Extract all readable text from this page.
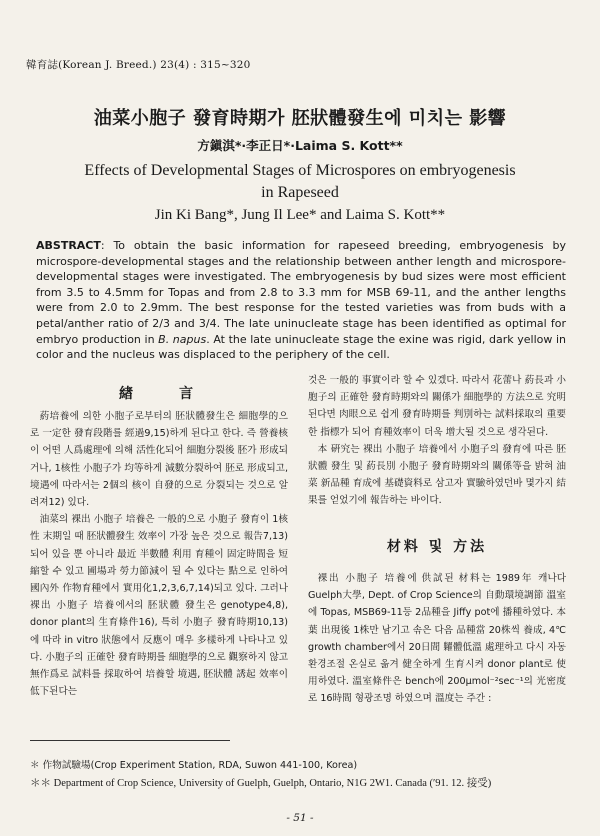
韓育誌(Korean J. Breed.) 23(4) : 315~320
油菜小胞子 發育時期가 胚狀體發生에 미치는 影響
方鎭淇*·李正日*·Laima S. Kott**
Effects of Developmental Stages of Microspores on embryogenesis
in Rapeseed
Jin Ki Bang*, Jung Il Lee* and Laima S. Kott**
ABSTRACT: To obtain the basic information for rapeseed breeding, embryogenesis by microspore-developmental stages and the relationship between anther length and microspore-developmental stages were investigated. The embryogenesis by bud sizes were most efficient from 3.5 to 4.5mm for Topas and from 2.8 to 3.3 mm for MSB 69-11, and the anther lengths were from 2.0 to 2.9mm. The best response for the tested varieties was from buds with a petal/anther ratio of 2/3 and 3/4. The late uninucleate stage has been identified as optimal for embryo production in B. napus. At the late uninucleate stage the exine was rigid, dark yellow in color and the nucleus was displaced to the periphery of the cell.
緖　　言

葯培養에 의한 小胞子로부터의 胚狀體發生은 細胞學的으로 一定한 發育段階를 經過9,15)하게 된다고 한다. 즉 營養核이 어떤 人爲處理에 의해 活性化되어 細胞分裂後 胚가 形成되거나, 1核性 小胞子가 均等하게 減數分裂하여 胚로 形成되고, 境遇에 따라서는 2個의 核이 自發的으로 分裂되는 것으로 알려져12) 있다.

油菜의 裸出 小胞子 培養은 一般的으로 小胞子 發育이 1核性 末期일 때 胚狀體發生 效率이 가장 높은 것으로 報告7,13)되어 있을 뿐 아니라 最近 半數體 利用 育種이 固定時間을 短縮할 수 있고 圃場과 勞力節減이 될 수 있다는 點으로 인하여 國內外 作物育種에서 實用化1,2,3,6,7,14)되고 있다. 그러나 裸出 小胞子 培養에서의 胚狀體 發生은 genotype4,8), donor plant의 生育條件16), 특히 小胞子 發育時期10,13)에 따라 in vitro 狀態에서 反應이 매우 多樣하게 나타나고 있다. 小胞子의 正確한 發育時期를 細胞學的으로 觀察하지 않고 無作爲로 試料를 採取하여 培養할 境遇, 胚狀體 誘起 效率이 低下된다는

것은 一般的 事實이라 할 수 있겠다. 따라서 花蕾나 葯長과 小胞子의 正確한 發育時期와의 關係가 細胞學的 方法으로 究明된다면 肉眼으로 쉽게 發育時期를 判別하는 試料採取의 重要한 指標가 되어 育種效率이 더욱 增大될 것으로 생각된다.

本 硏究는 裸出 小胞子 培養에서 小胞子의 發育에 따른 胚狀體 發生 및 葯長別 小胞子 發育時期와의 關係等을 밝혀 油菜 新品種 育成에 基礎資料로 삼고자 實驗하였던바 몇가지 結果를 얻었기에 報告하는 바이다.

材料 및 方法

裸出 小胞子 培養에 供試된 材料는 1989年 캐나다 Guelph大學, Dept. of Crop Science의 自動環境調節 溫室에 Topas, MSB69-11등 2品種을 Jiffy pot에 播種하였다. 本葉 出現後 1株만 남기고 솎은 다음 品種當 20株씩 養成, 4℃ growth chamber에서 20日間 糶體低溫 處理하고 다시 자동환경조절 온실로 옮겨 健全하게 生育시켜 donor plant로 使用하였다. 溫室條件은 bench에 200μmol⁻²sec⁻¹의 光密度로 16時間 형광조명 하였으며 溫度는 주간 :

＊ 作物試驗場(Crop Experiment Station, RDA, Suwon 441-100, Korea)
＊＊ Department of Crop Science, University of Guelph, Guelph, Ontario, N1G 2W1. Canada (′91. 12. 接受)
- 51 -
